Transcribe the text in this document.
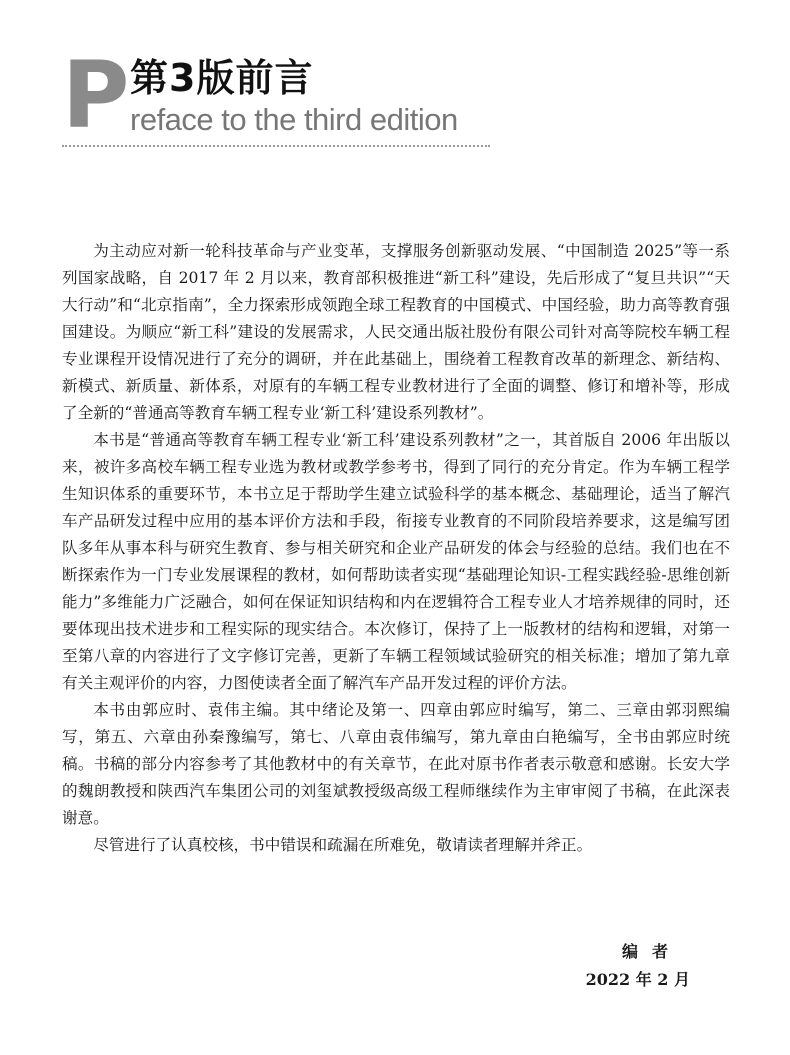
P 第3版前言
reface to the third edition

为主动应对新一轮科技革命与产业变革，支撑服务创新驱动发展、“中国制造 2025”等一系列国家战略，自 2017 年 2 月以来，教育部积极推进“新工科”建设，先后形成了“复旦共识”“天大行动”和“北京指南”，全力探索形成领跑全球工程教育的中国模式、中国经验，助力高等教育强国建设。为顺应“新工科”建设的发展需求，人民交通出版社股份有限公司针对高等院校车辆工程专业课程开设情况进行了充分的调研，并在此基础上，围绕着工程教育改革的新理念、新结构、新模式、新质量、新体系，对原有的车辆工程专业教材进行了全面的调整、修订和增补等，形成了全新的“普通高等教育车辆工程专业‘新工科’建设系列教材”。

本书是“普通高等教育车辆工程专业‘新工科’建设系列教材”之一，其首版自 2006 年出版以来，被许多高校车辆工程专业选为教材或教学参考书，得到了同行的充分肯定。作为车辆工程学生知识体系的重要环节，本书立足于帮助学生建立试验科学的基本概念、基础理论，适当了解汽车产品研发过程中应用的基本评价方法和手段，衔接专业教育的不同阶段培养要求，这是编写团队多年从事本科与研究生教育、参与相关研究和企业产品研发的体会与经验的总结。我们也在不断探索作为一门专业发展课程的教材，如何帮助读者实现“基础理论知识-工程实践经验-思维创新能力”多维能力广泛融合，如何在保证知识结构和内在逻辑符合工程专业人才培养规律的同时，还要体现出技术进步和工程实际的现实结合。本次修订，保持了上一版教材的结构和逻辑，对第一至第八章的内容进行了文字修订完善，更新了车辆工程领域试验研究的相关标准；增加了第九章有关主观评价的内容，力图使读者全面了解汽车产品开发过程的评价方法。

本书由郭应时、袁伟主编。其中绪论及第一、四章由郭应时编写，第二、三章由郭羽熙编写，第五、六章由孙秦豫编写，第七、八章由袁伟编写，第九章由白艳编写，全书由郭应时统稿。书稿的部分内容参考了其他教材中的有关章节，在此对原书作者表示敬意和感谢。长安大学的魏朗教授和陕西汽车集团公司的刘玺斌教授级高级工程师继续作为主审审阅了书稿，在此深表谢意。

尽管进行了认真校核，书中错误和疏漏在所难免，敬请读者理解并斧正。

编者
2022 年 2 月
